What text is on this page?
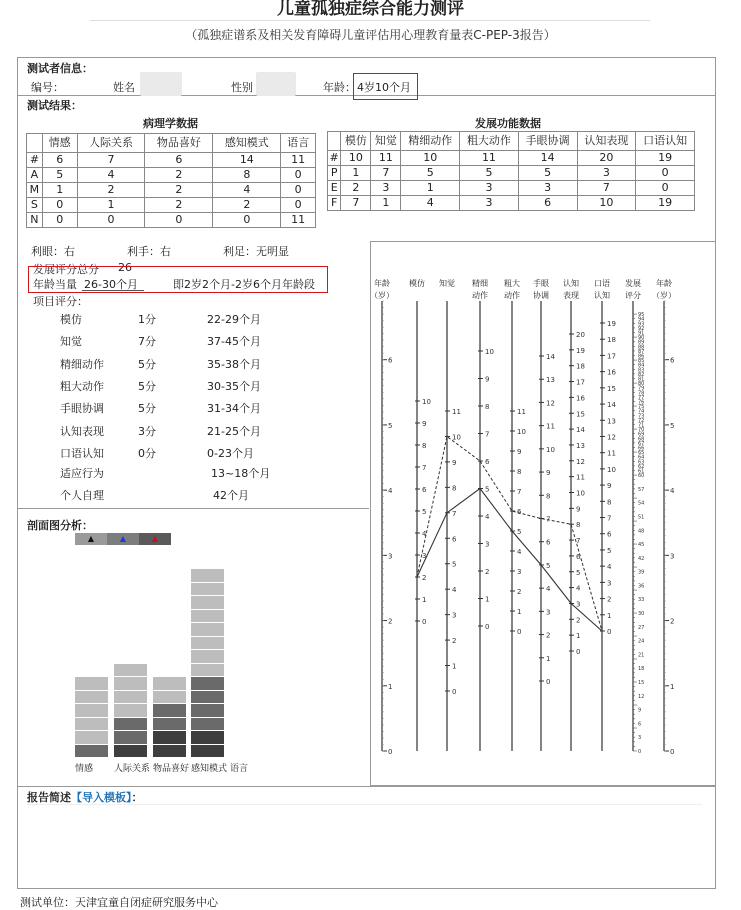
儿童孤独症综合能力测评
（孤独症谱系及相关发育障碍儿童评估用心理教育量表C-PEP-3报告）
测试者信息：
编号：	姓名	性别	年龄： 4岁10个月
测试结果：
病理学数据	发展功能数据
	情感	人际关系	物品喜好	感知模式	语言
#	6	7	6	14	11
A	5	4	2	8	0
M	1	2	2	4	0
S	0	1	2	2	0
N	0	0	0	0	11
	模仿	知觉	精细动作	粗大动作	手眼协调	认知表现	口语认知
#	10	11	10	11	14	20	19
P	1	7	5	5	5	3	0
E	2	3	1	3	3	7	0
F	7	1	4	3	6	10	19
利眼：右	利手：右	利足：无明显
发展评分总分 26
年龄当量 26-30个月	即2岁2个月-2岁6个月年龄段
项目评分：
模仿	1分	22-29个月
知觉	7分	37-45个月
精细动作	5分	35-38个月
粗大动作	5分	30-35个月
手眼协调	5分	31-34个月
认知表现	3分	21-25个月
口语认知	0分	0-23个月
适应行为	13~18个月
个人自理	42个月
剖面图分析：
▲	▲	▲
情感 人际关系 物品喜好 感知模式 语言
年龄
（岁）
模仿 知觉 精细
动作
粗大
动作
手眼
协调
认知
表现
口语
认知
发展
评分
年龄
（岁）
0
1
2
3
4
5
6
0
1
2
3
4
5
6
0
1
2
3
4
5
6
7
8
9
10
0
1
2
3
4
5
6
7
8
9
10
11
0
1
2
3
4
5
6
7
8
9
10
0
1
2
3
4
5
6
7
8
9
10
11
0
1
2
3
4
5
6
7
8
9
10
11
12
13
14
0
1
2
3
4
5
6
7
8
9
10
11
12
13
14
15
16
17
18
19
20
0
1
2
3
4
5
6
7
8
9
10
11
12
13
14
15
16
17
18
19
0
3
6
9
12
15
18
21
24
27
30
33
36
39
42
45
48
51
54
57
60
61
62
63
64
65
66
67
68
69
70
71
72
73
74
75
76
77
78
79
80
81
82
83
84
85
86
87
88
89
90
91
92
93
94
95
报告简述【导入模板】：
测试单位：天津宜童自闭症研究服务中心
